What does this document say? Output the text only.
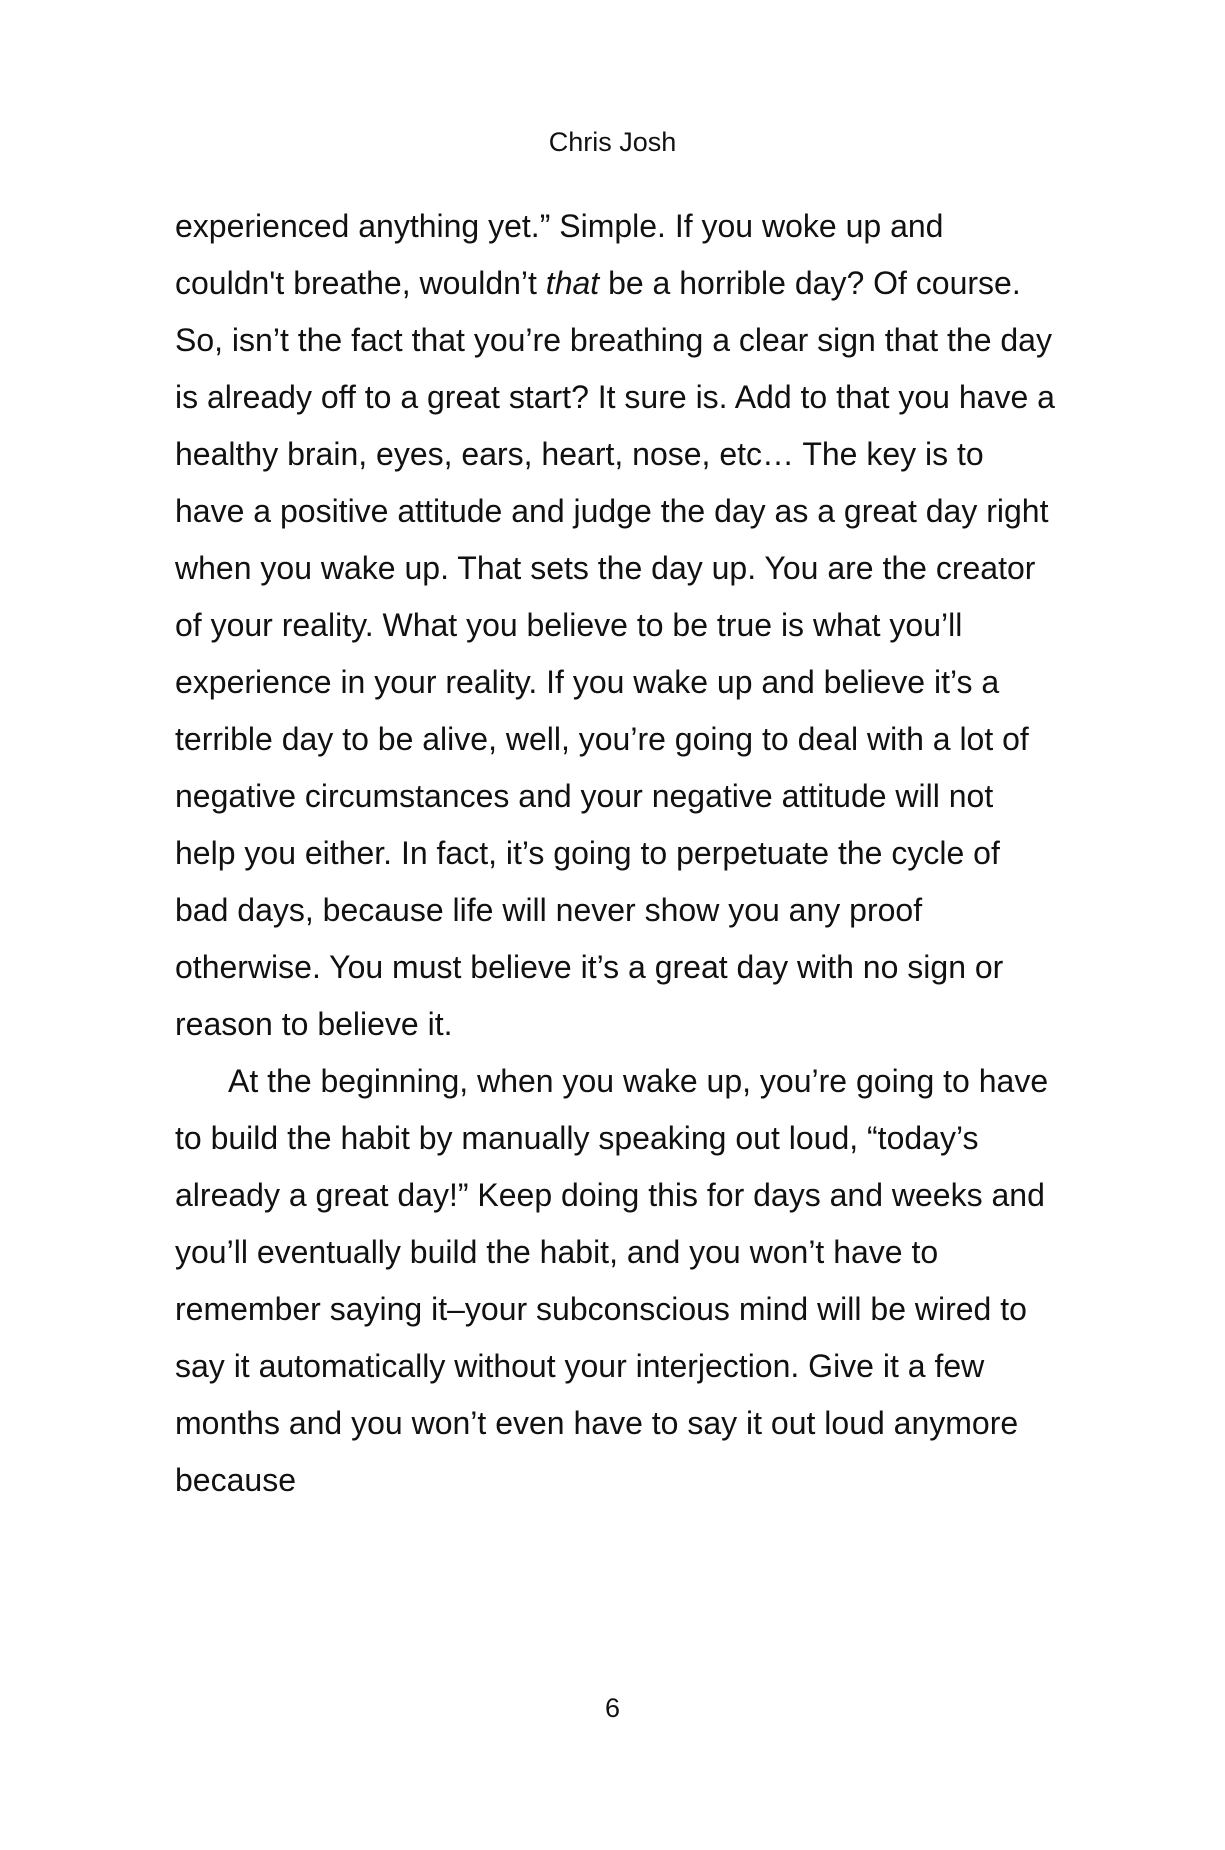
Chris Josh

experienced anything yet.” Simple. If you woke up and couldn't breathe, wouldn’t that be a horrible day? Of course. So, isn’t the fact that you’re breathing a clear sign that the day is already off to a great start? It sure is. Add to that you have a healthy brain, eyes, ears, heart, nose, etc… The key is to have a positive attitude and judge the day as a great day right when you wake up. That sets the day up. You are the creator of your reality. What you believe to be true is what you’ll experience in your reality. If you wake up and believe it’s a terrible day to be alive, well, you’re going to deal with a lot of negative circumstances and your negative attitude will not help you either. In fact, it’s going to perpetuate the cycle of bad days, because life will never show you any proof otherwise. You must believe it’s a great day with no sign or reason to believe it.

At the beginning, when you wake up, you’re going to have to build the habit by manually speaking out loud, “today’s already a great day!” Keep doing this for days and weeks and you’ll eventually build the habit, and you won’t have to remember saying it–your subconscious mind will be wired to say it automatically without your interjection. Give it a few months and you won’t even have to say it out loud anymore because

6
